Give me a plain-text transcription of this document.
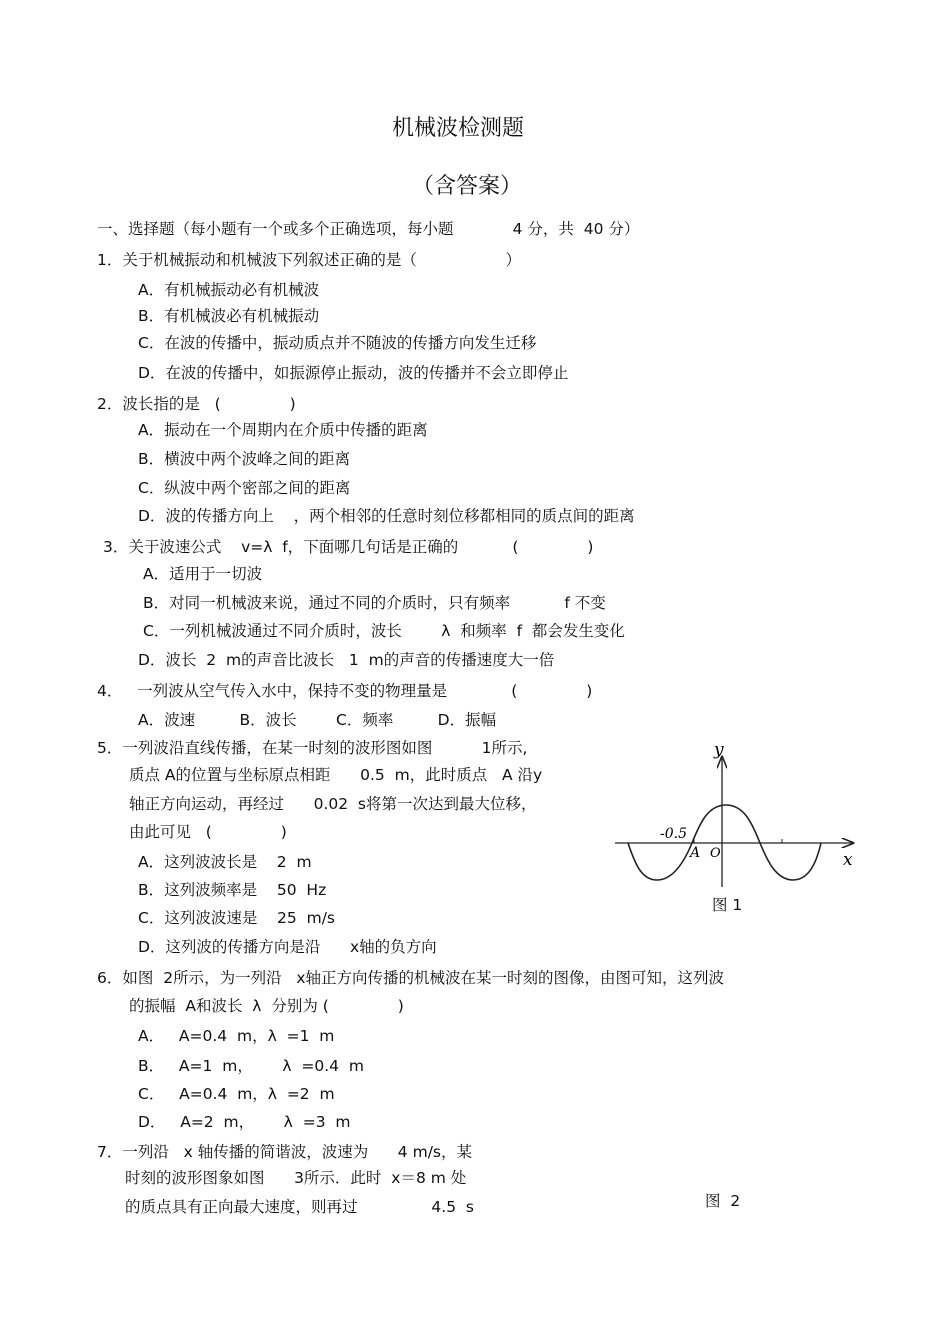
机械波检测题
（含答案）
一、选择题（每小题有一个或多个正确选项，每小题            4 分，共  40 分）
1．关于机械振动和机械波下列叙述正确的是（                  ）
A．有机械振动必有机械波
B．有机械波必有机械振动
C．在波的传播中，振动质点并不随波的传播方向发生迁移
D．在波的传播中，如振源停止振动，波的传播并不会立即停止
2．波长指的是   (              )
A．振动在一个周期内在介质中传播的距离
B．横波中两个波峰之间的距离
C．纵波中两个密部之间的距离
D．波的传播方向上    ，两个相邻的任意时刻位移都相同的质点间的距离
3．关于波速公式    v=λ  f，下面哪几句话是正确的           (              )
A．适用于一切波
B．对同一机械波来说，通过不同的介质时，只有频率           f 不变
C．一列机械波通过不同介质时，波长        λ  和频率  f  都会发生变化
D．波长  2  m的声音比波长   1  m的声音的传播速度大一倍
4．   一列波从空气传入水中，保持不变的物理量是             (              )
A．波速         B．波长        C．频率         D．振幅
5．一列波沿直线传播，在某一时刻的波形图如图          1所示,
质点 A的位置与坐标原点相距      0.5  m，此时质点   A 沿y
轴正方向运动，再经过      0.02  s将第一次达到最大位移，
由此可见   (              )
A．这列波波长是    2  m
B．这列波频率是    50  Hz
C．这列波波速是    25  m/s
D．这列波的传播方向是沿      x轴的负方向
y
x
-0.5
A O
图 1
6．如图  2所示，为一列沿   x轴正方向传播的机械波在某一时刻的图像，由图可知，这列波
的振幅  A和波长  λ  分别为 (              )
A．   A=0.4  m，λ  =1  m
B．   A=1  m，      λ  =0.4  m
C．   A=0.4  m，λ  =2  m
D．   A=2  m，      λ  =3  m
7．一列沿   x 轴传播的简谐波，波速为      4 m/s，某
时刻的波形图象如图      3所示．此时  x＝8 m 处
的质点具有正向最大速度，则再过               4.5  s	图  2
